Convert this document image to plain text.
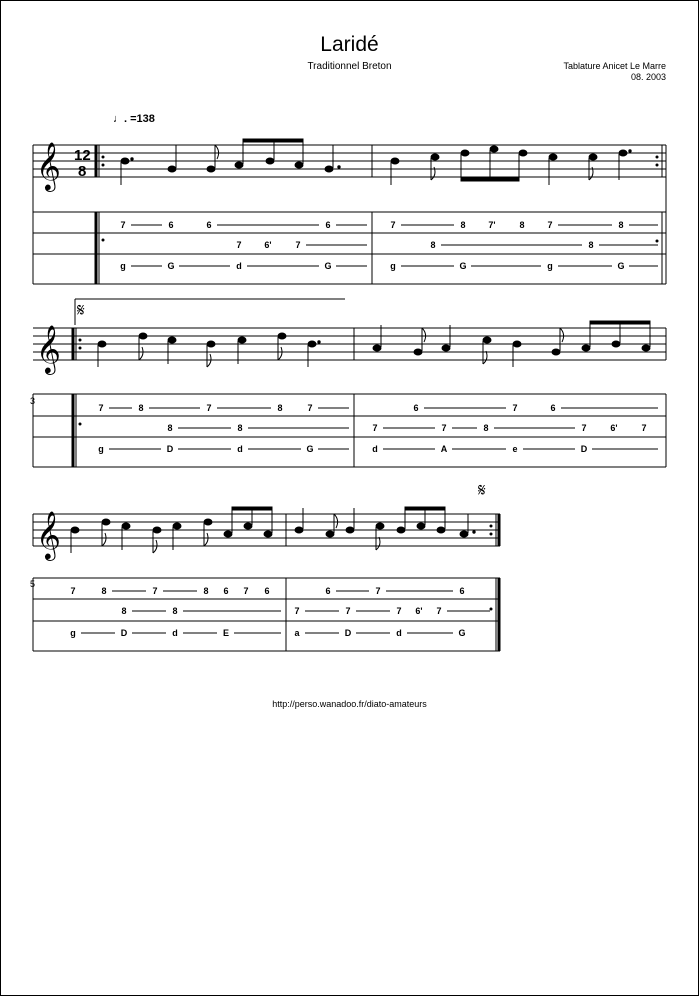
Laridé
Traditionnel Breton	Tablature Anicet Le Marre
08. 2003
♩. =138
http://perso.wanadoo.fr/diato-amateurs
𝄞 12
8
𝄋
𝄞
3
𝄋
𝄞
5
7	6	6	6	7	8	7'	8	7	8
7	6'	7	8	8
g	G	d	G	g	G	g	G
7	8	7	8	7	6	7	6
8	8	7	7	8	7	6'	7
g	D	d	G	d	A	e	D
7	8	7	8 6 7 6	6	7	6
8	8	7	7	7 6' 7
g	D	d	E	a	D	d	G
